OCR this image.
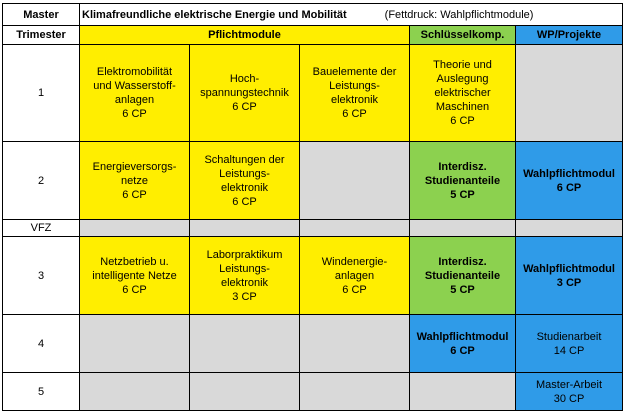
Master	Klimafreundliche elektrische Energie und Mobilität (Fettdruck: Wahlpflichtmodule)				
Trimester	Pflichtmodule			Schlüsselkomp.	WP/Projekte
1	Elektromobilität
und Wasserstoff-
anlagen
6 CP	Hoch-
spannungstechnik
6 CP	Bauelemente der
Leistungs-
elektronik
6 CP	Theorie und
Auslegung
elektrischer
Maschinen
6 CP	
2	Energieversorgs-
netze
6 CP	Schaltungen der
Leistungs-
elektronik
6 CP		Interdisz.
Studienanteile
5 CP	Wahlpflichtmodul
6 CP
VFZ					
3	Netzbetrieb u.
intelligente Netze
6 CP	Laborpraktikum
Leistungs-
elektronik
3 CP	Windenergie-
anlagen
6 CP	Interdisz.
Studienanteile
5 CP	Wahlpflichtmodul
3 CP
4				Wahlpflichtmodul
6 CP	Studienarbeit
14 CP
5					Master-Arbeit
30 CP
